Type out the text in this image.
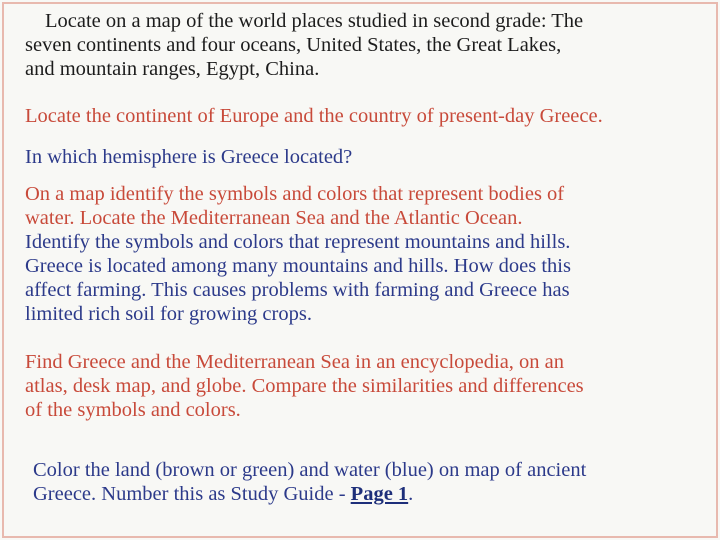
Locate on a map of the world places studied in second grade: The
seven continents and four oceans, United States, the Great Lakes,
and mountain ranges, Egypt, China.

Locate the continent of Europe and the country of present-day Greece.

In which hemisphere is Greece located?

On a map identify the symbols and colors that represent bodies of
water. Locate the Mediterranean Sea and the Atlantic Ocean.

Identify the symbols and colors that represent mountains and hills.
Greece is located among many mountains and hills. How does this
affect farming. This causes problems with farming and Greece has
limited rich soil for growing crops.

Find Greece and the Mediterranean Sea in an encyclopedia, on an
atlas, desk map, and globe. Compare the similarities and differences
of the symbols and colors.

Color the land (brown or green) and water (blue) on map of ancient
Greece. Number this as Study Guide - Page 1.
